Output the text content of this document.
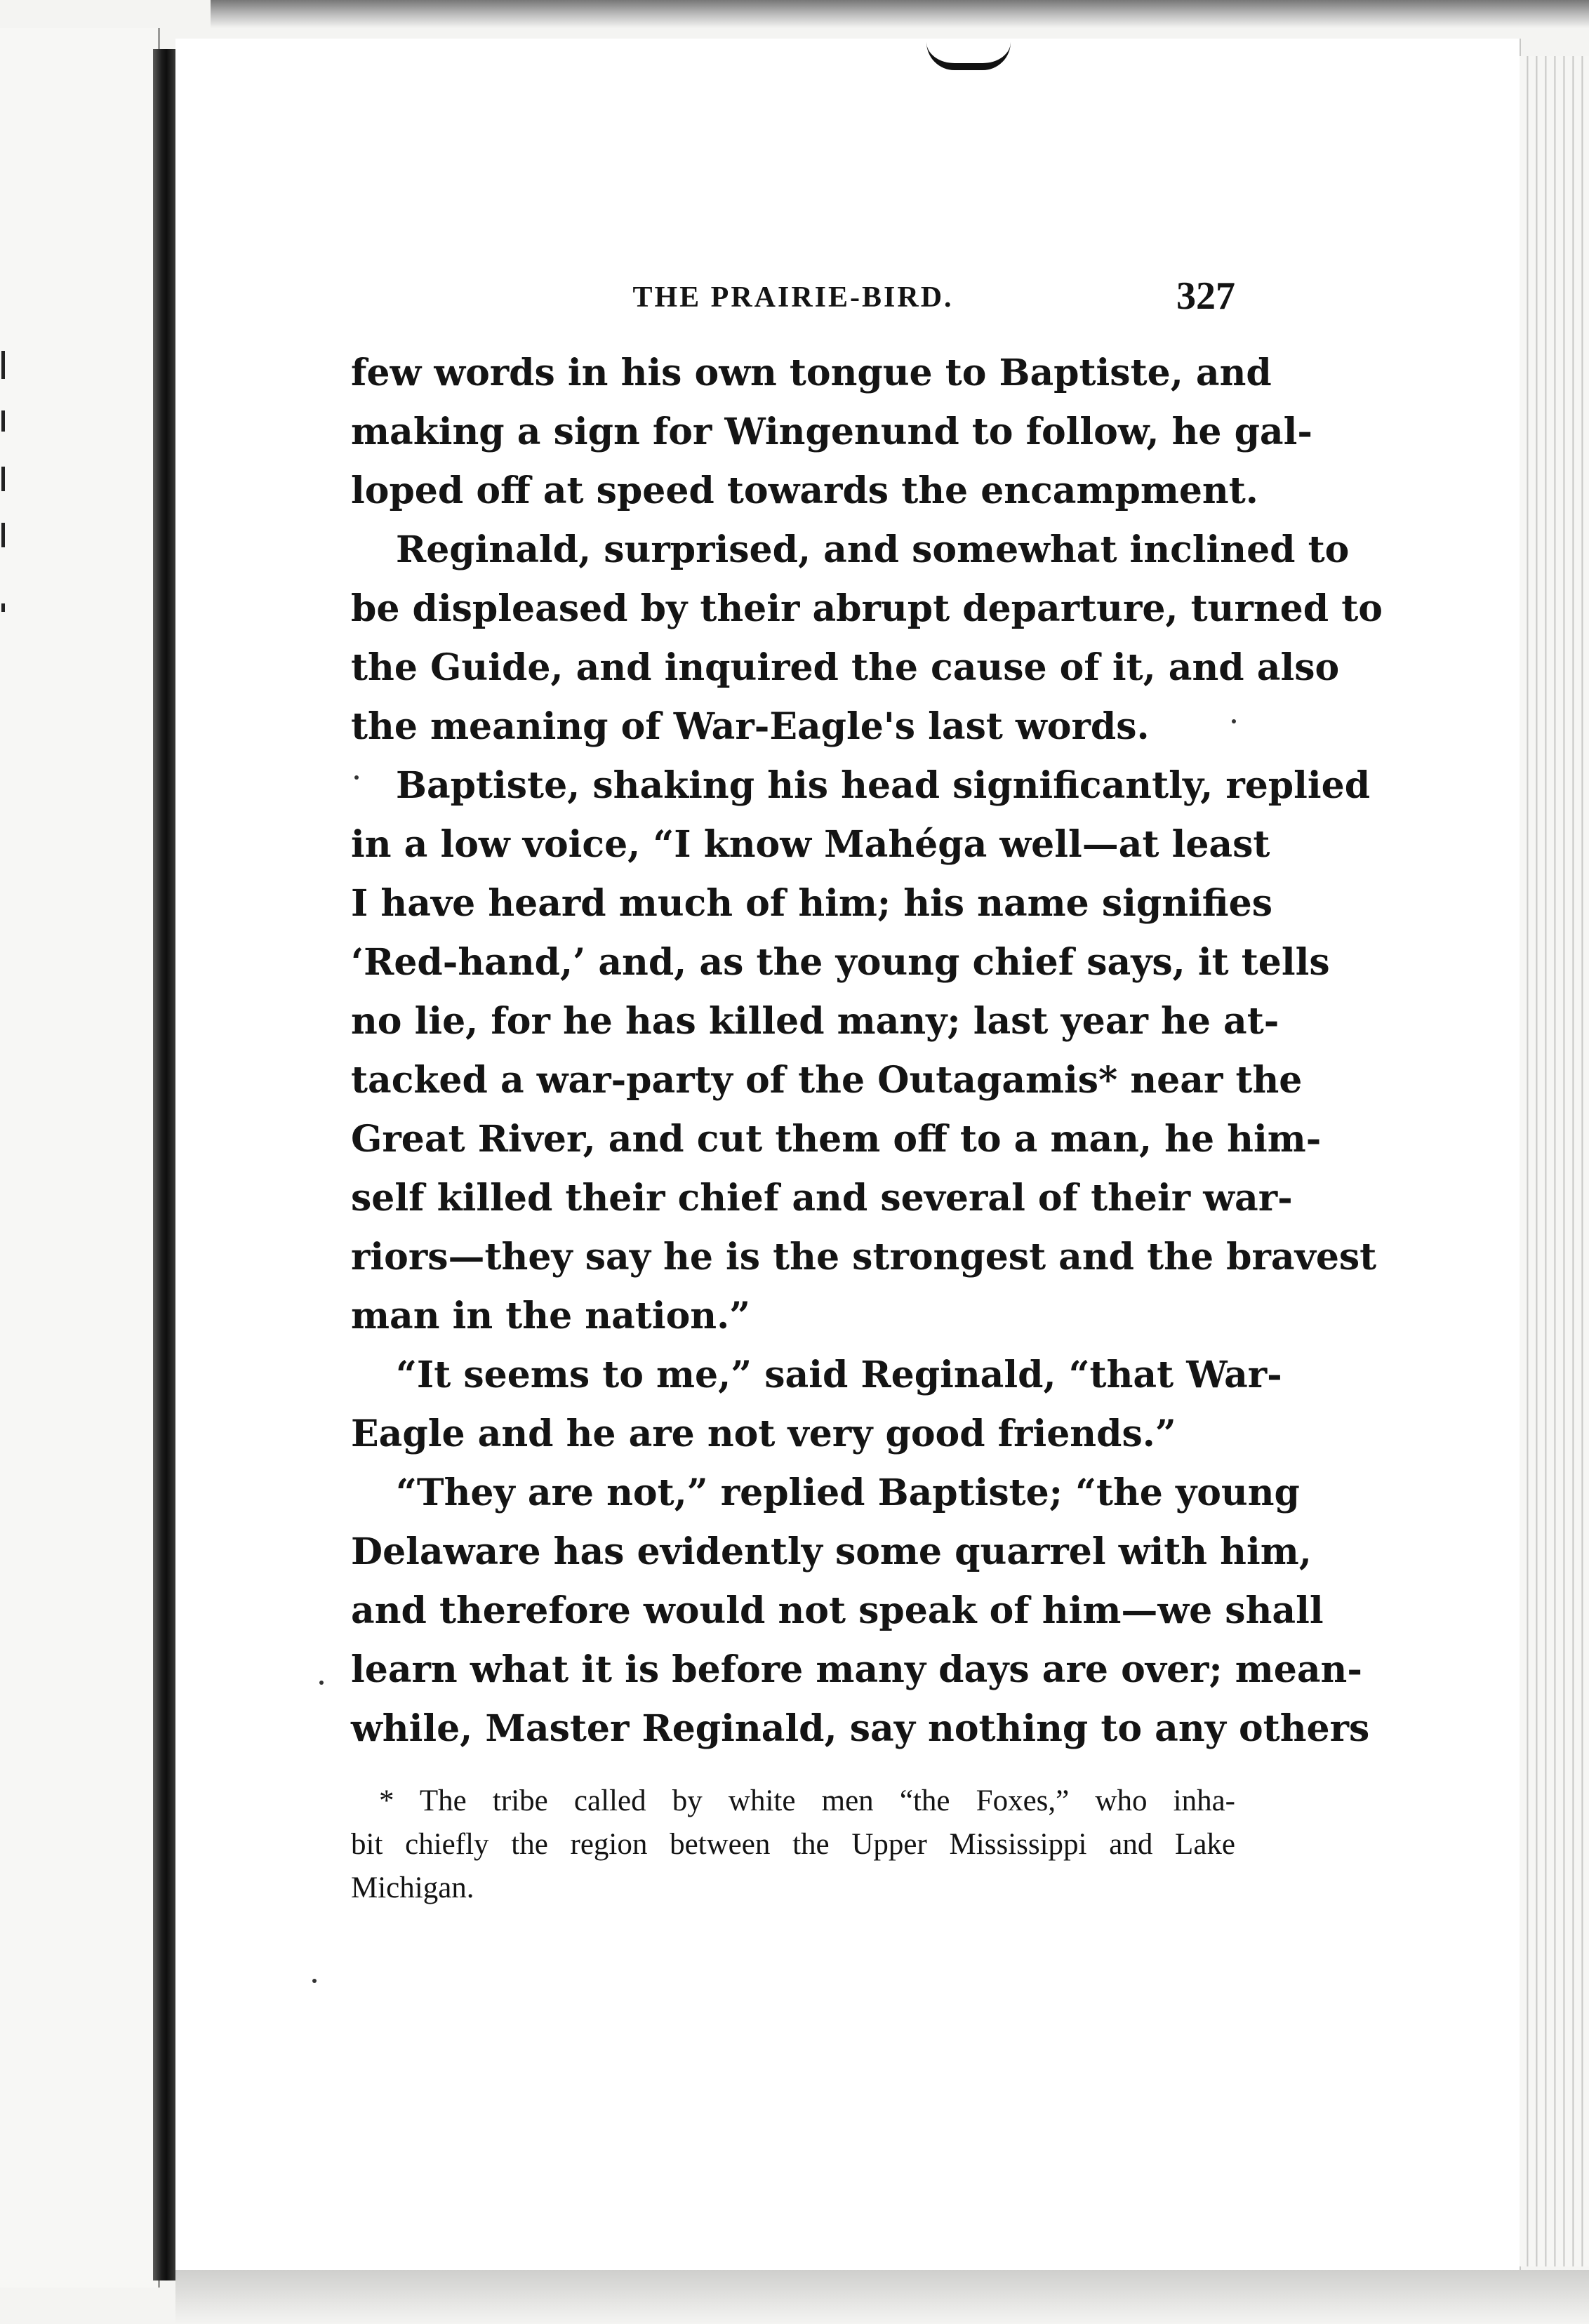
THE PRAIRIE-BIRD.	327
few words in his own tongue to Baptiste, and
making a sign for Wingenund to follow, he gal-
loped off at speed towards the encampment.
Reginald, surprised, and somewhat inclined to
be displeased by their abrupt departure, turned to
the Guide, and inquired the cause of it, and also
the meaning of War-Eagle's last words.
Baptiste, shaking his head significantly, replied
in a low voice, “I know Mahéga well—at least
I have heard much of him; his name signifies
‘Red-hand,’ and, as the young chief says, it tells
no lie, for he has killed many; last year he at-
tacked a war-party of the Outagamis* near the
Great River, and cut them off to a man, he him-
self killed their chief and several of their war-
riors—they say he is the strongest and the bravest
man in the nation.”
“It seems to me,” said Reginald, “that War-
Eagle and he are not very good friends.”
“They are not,” replied Baptiste; “the young
Delaware has evidently some quarrel with him,
and therefore would not speak of him—we shall
learn what it is before many days are over; mean-
while, Master Reginald, say nothing to any others
* The tribe called by white men “the Foxes,” who inha-
bit chiefly the region between the Upper Mississippi and Lake
Michigan.
